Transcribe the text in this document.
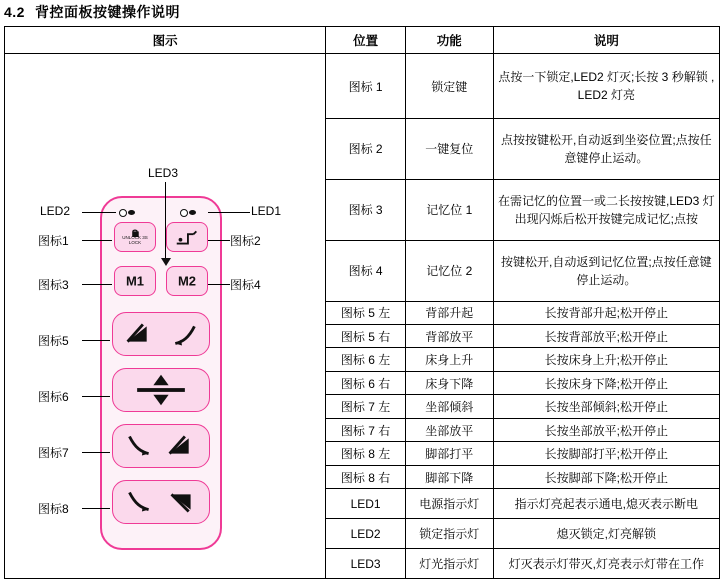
4.2 背控面板按键操作说明
图示	位置	功能	说明

UNLOCK 3S
LOCK
M1	M2
LED3
LED2	LED1
图标1	图标2
图标3	图标4
图标5
图标6
图标7
图标8
	图标 1	锁定键	点按一下锁定,LED2 灯灭;长按 3 秒解锁 , LED2 灯亮
	图标 2	一键复位	点按按键松开,自动返到坐姿位置;点按任意键停止运动。
	图标 3	记忆位 1	在需记忆的位置一或二长按按键,LED3 灯出现闪烁后松开按键完成记忆;点按
	图标 4	记忆位 2	按键松开,自动返到记忆位置;点按任意键 停止运动。
	图标 5 左	背部升起	长按背部升起;松开停止
	图标 5 右	背部放平	长按背部放平;松开停止
	图标 6 左	床身上升	长按床身上升;松开停止
	图标 6 右	床身下降	长按床身下降;松开停止
	图标 7 左	坐部倾斜	长按坐部倾斜;松开停止
	图标 7 右	坐部放平	长按坐部放平;松开停止
	图标 8 左	脚部打平	长按脚部打平;松开停止
	图标 8 右	脚部下降	长按脚部下降;松开停止
	LED1	电源指示灯	指示灯亮起表示通电,熄灭表示断电
	LED2	锁定指示灯	熄灭锁定,灯亮解锁
	LED3	灯光指示灯	灯灭表示灯带灭,灯亮表示灯带在工作
